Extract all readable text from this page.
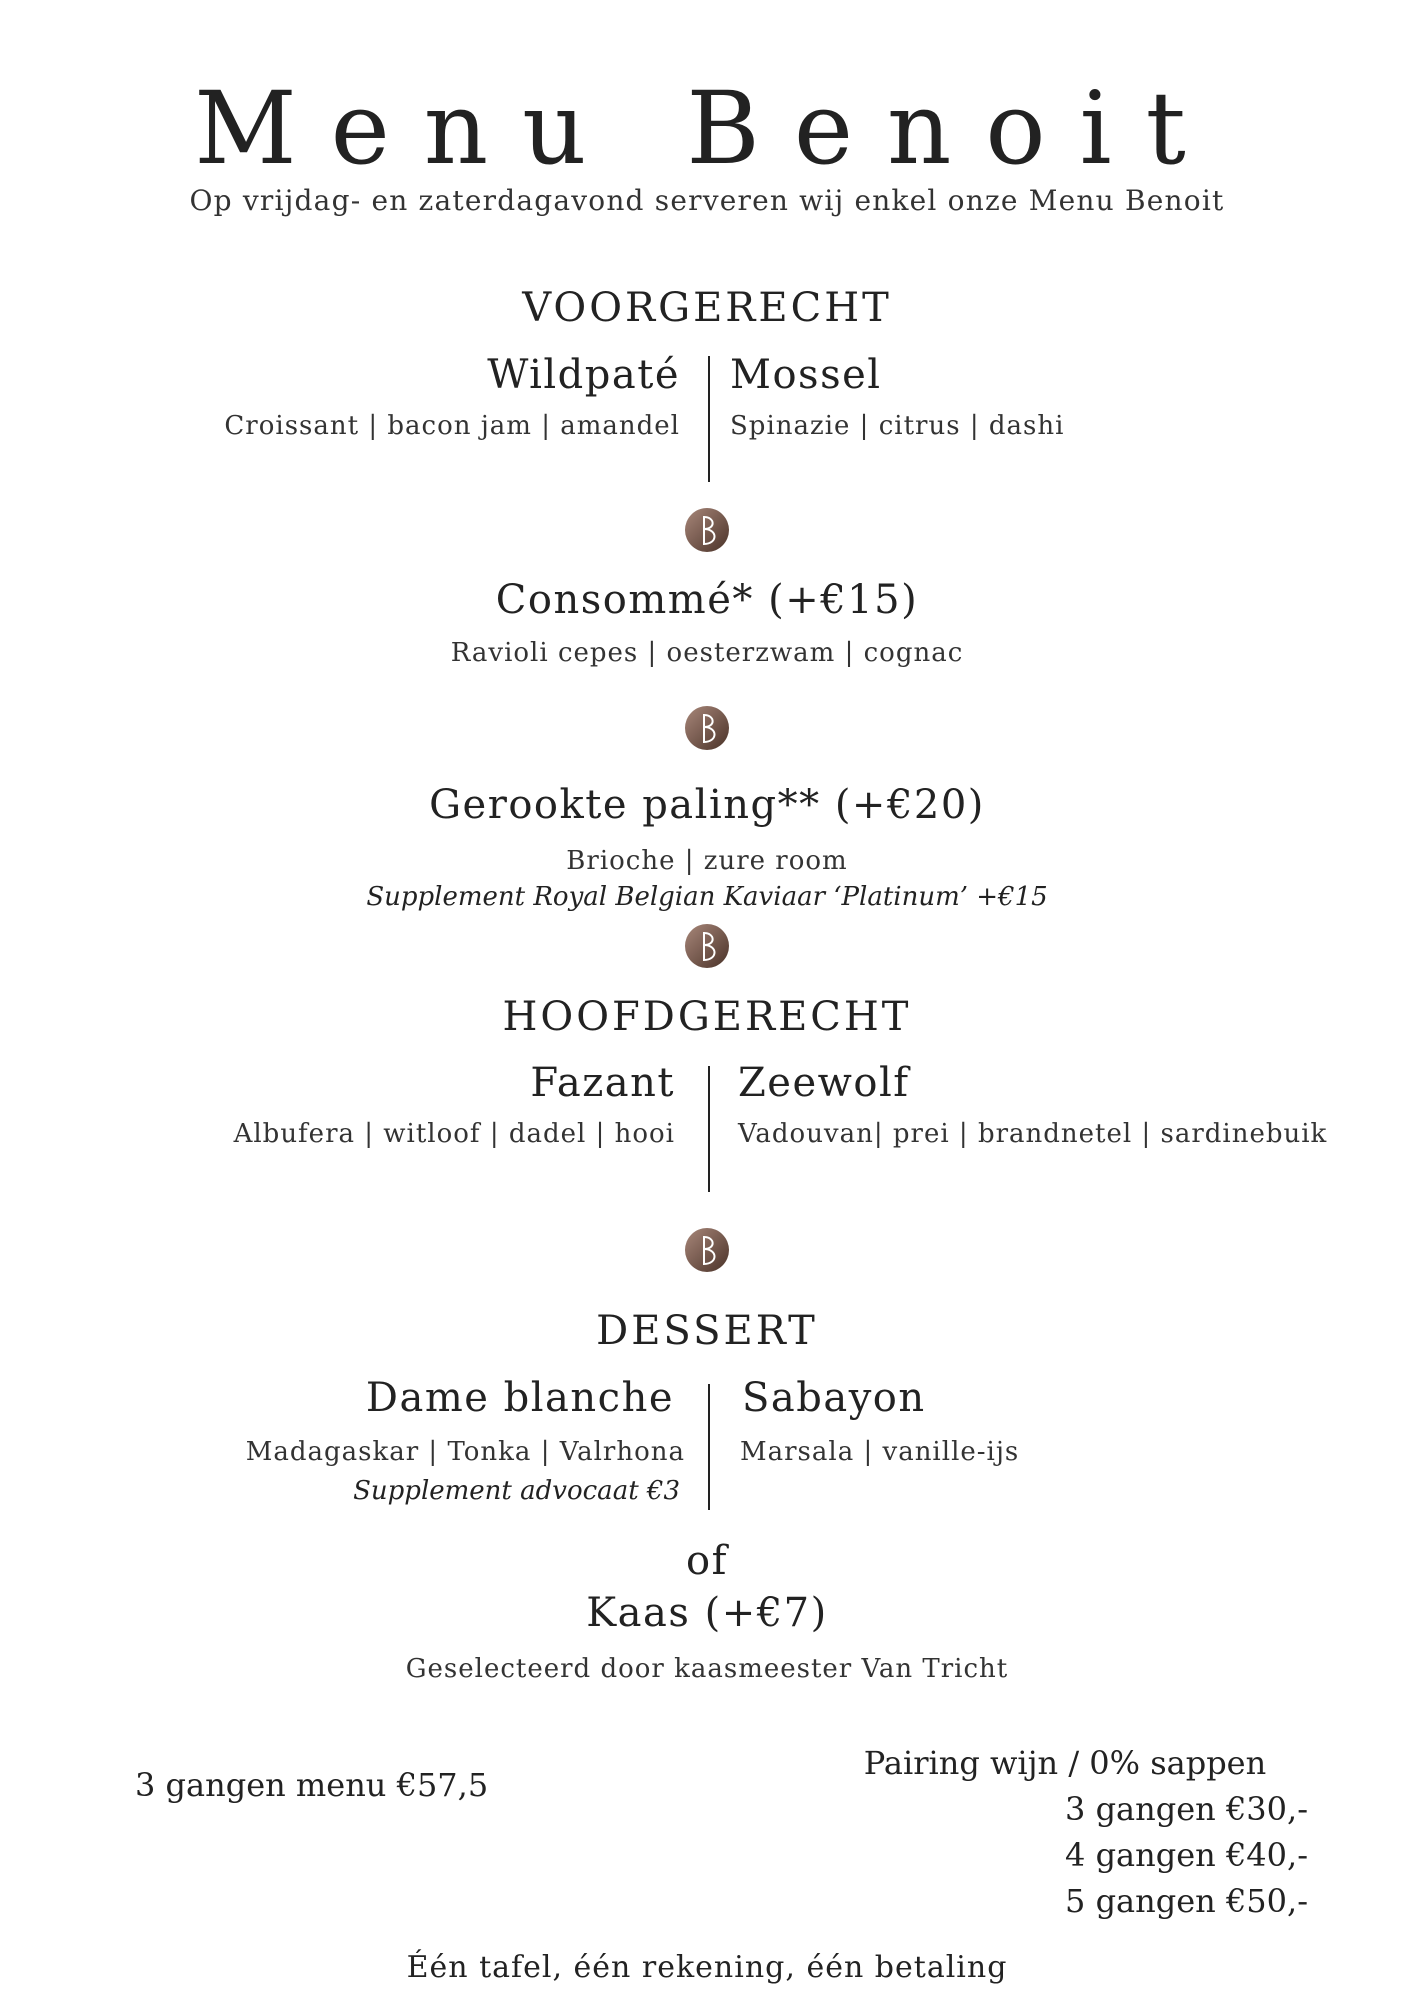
Menu Benoit
Op vrijdag- en zaterdagavond serveren wij enkel onze Menu Benoit
VOORGERECHT
Wildpaté
Croissant | bacon jam | amandel
Mossel
Spinazie | citrus | dashi
Consommé* (+€15)
Ravioli cepes | oesterzwam | cognac
Gerookte paling** (+€20)
Brioche | zure room
Supplement Royal Belgian Kaviaar ‘Platinum’ +€15
HOOFDGERECHT
Fazant
Albufera | witloof | dadel | hooi
Zeewolf
Vadouvan| prei | brandnetel | sardinebuik
DESSERT
Dame blanche
Madagaskar | Tonka | Valrhona
Supplement advocaat €3
Sabayon
Marsala | vanille-ijs
of
Kaas (+€7)
Geselecteerd door kaasmeester Van Tricht
3 gangen menu €57,5
Pairing wijn / 0% sappen
3 gangen €30,-
4 gangen €40,-
5 gangen €50,-
Één tafel, één rekening, één betaling
